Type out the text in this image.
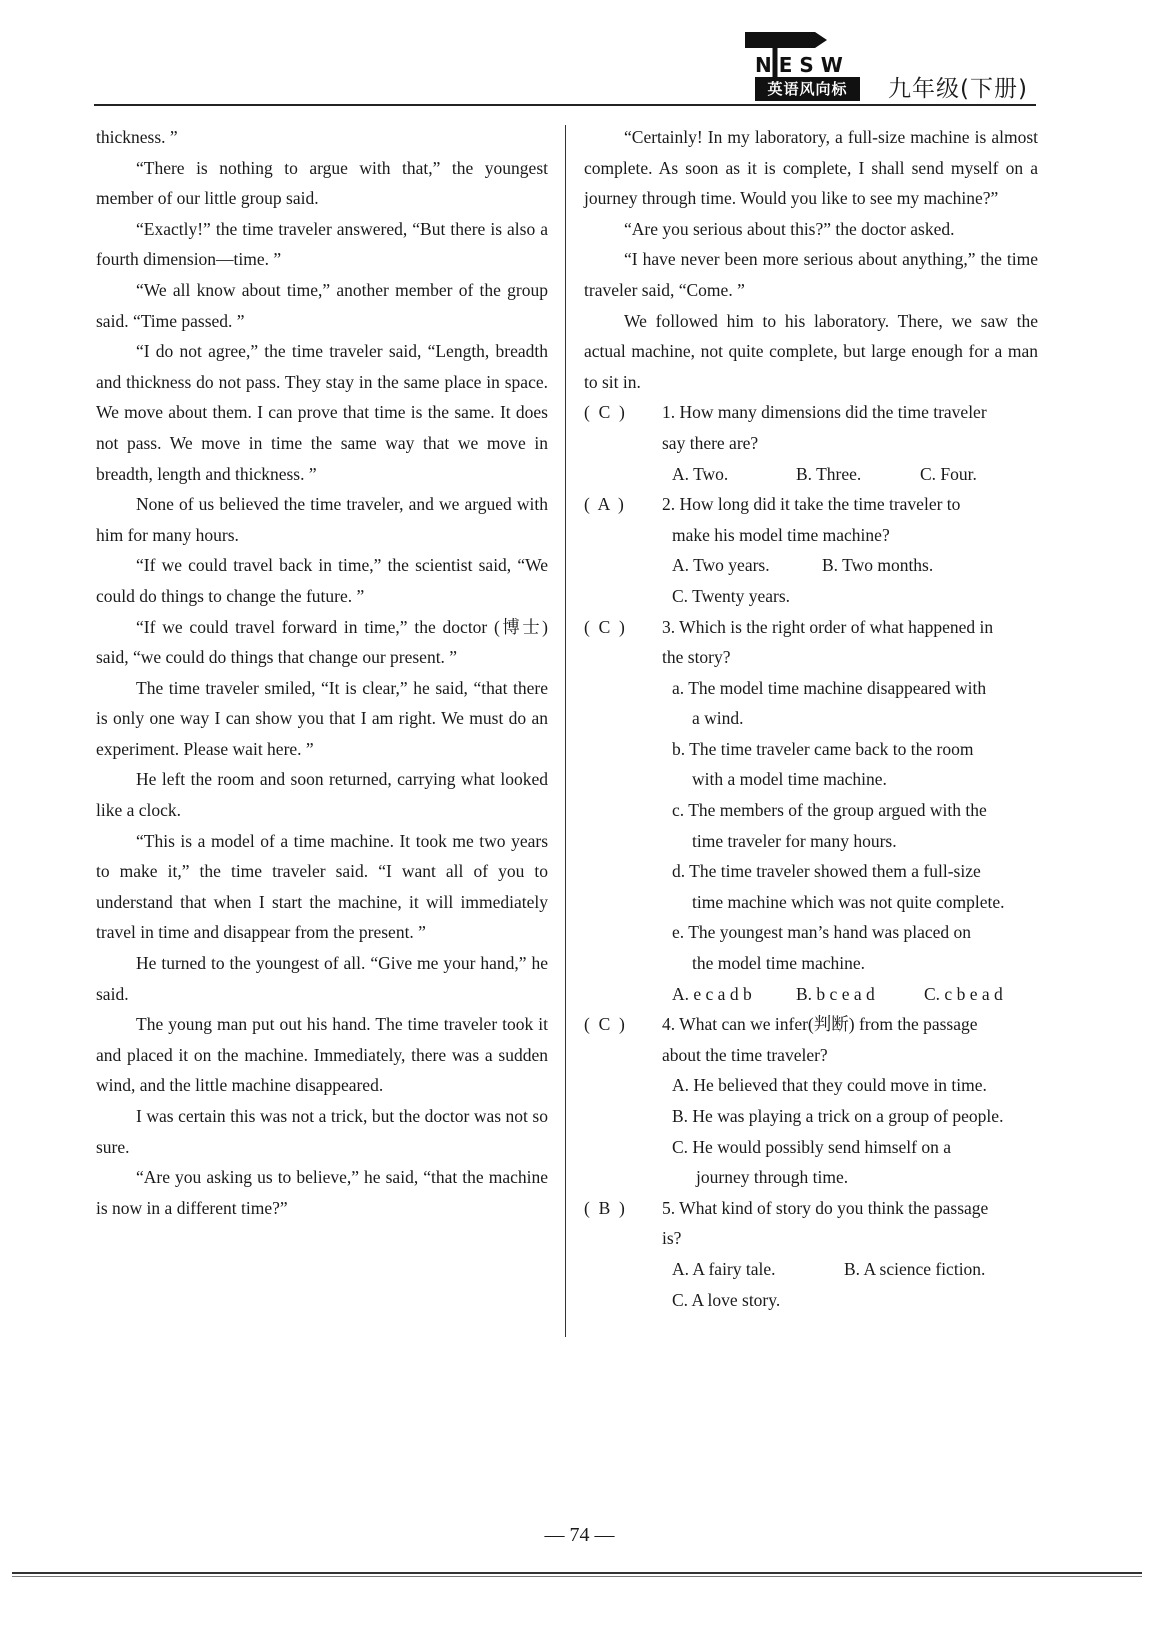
N E S W
英语风向标	九年级(下册)

thickness. ”

“There is nothing to argue with that,” the youngest member of our little group said.

“Exactly!” the time traveler answered, “But there is also a fourth dimension—time. ”

“We all know about time,” another member of the group said. “Time passed. ”

“I do not agree,” the time traveler said, “Length, breadth and thickness do not pass. They stay in the same place in space. We move about them. I can prove that time is the same. It does not pass. We move in time the same way that we move in breadth, length and thickness. ”

None of us believed the time traveler, and we argued with him for many hours.

“If we could travel back in time,” the scientist said, “We could do things to change the future. ”

“If we could travel forward in time,” the doctor (博士) said, “we could do things that change our present. ”

The time traveler smiled, “It is clear,” he said, “that there is only one way I can show you that I am right. We must do an experiment. Please wait here. ”

He left the room and soon returned, carrying what looked like a clock.

“This is a model of a time machine. It took me two years to make it,” the time traveler said. “I want all of you to understand that when I start the machine, it will immediately travel in time and disappear from the present. ”

He turned to the youngest of all. “Give me your hand,” he said.

The young man put out his hand. The time traveler took it and placed it on the machine. Immediately, there was a sudden wind, and the little machine disappeared.

I was certain this was not a trick, but the doctor was not so sure.

“Are you asking us to believe,” he said, “that the machine is now in a different time?”

“Certainly! In my laboratory, a full-size machine is almost complete. As soon as it is complete, I shall send myself on a journey through time. Would you like to see my machine?”

“Are you serious about this?” the doctor asked.

“I have never been more serious about anything,” the time traveler said, “Come. ”

We followed him to his laboratory. There, we saw the actual machine, not quite complete, but large enough for a man to sit in.

(  C  )	1. How many dimensions did the time traveler
say there are?
A. Two.	B. Three.	C. Four.
(  A  )	2. How long did it take the time traveler to
make his model time machine?
A. Two years.	B. Two months.
C. Twenty years.
(  C  )	3. Which is the right order of what happened in
the story?
a. The model time machine disappeared with
a wind.
b. The time traveler came back to the room
with a model time machine.
c. The members of the group argued with the
time traveler for many hours.
d. The time traveler showed them a full-size
time machine which was not quite complete.
e. The youngest man’s hand was placed on
the model time machine.
A. e c a d b	B. b c e a d	C. c b e a d
(  C  )	4. What can we infer(判断) from the passage
about the time traveler?
A. He believed that they could move in time.
B. He was playing a trick on a group of people.
C. He would possibly send himself on a
journey through time.
(  B  )	5. What kind of story do you think the passage
is?
A. A fairy tale.	B. A science fiction.
C. A love story.
— 74 —
